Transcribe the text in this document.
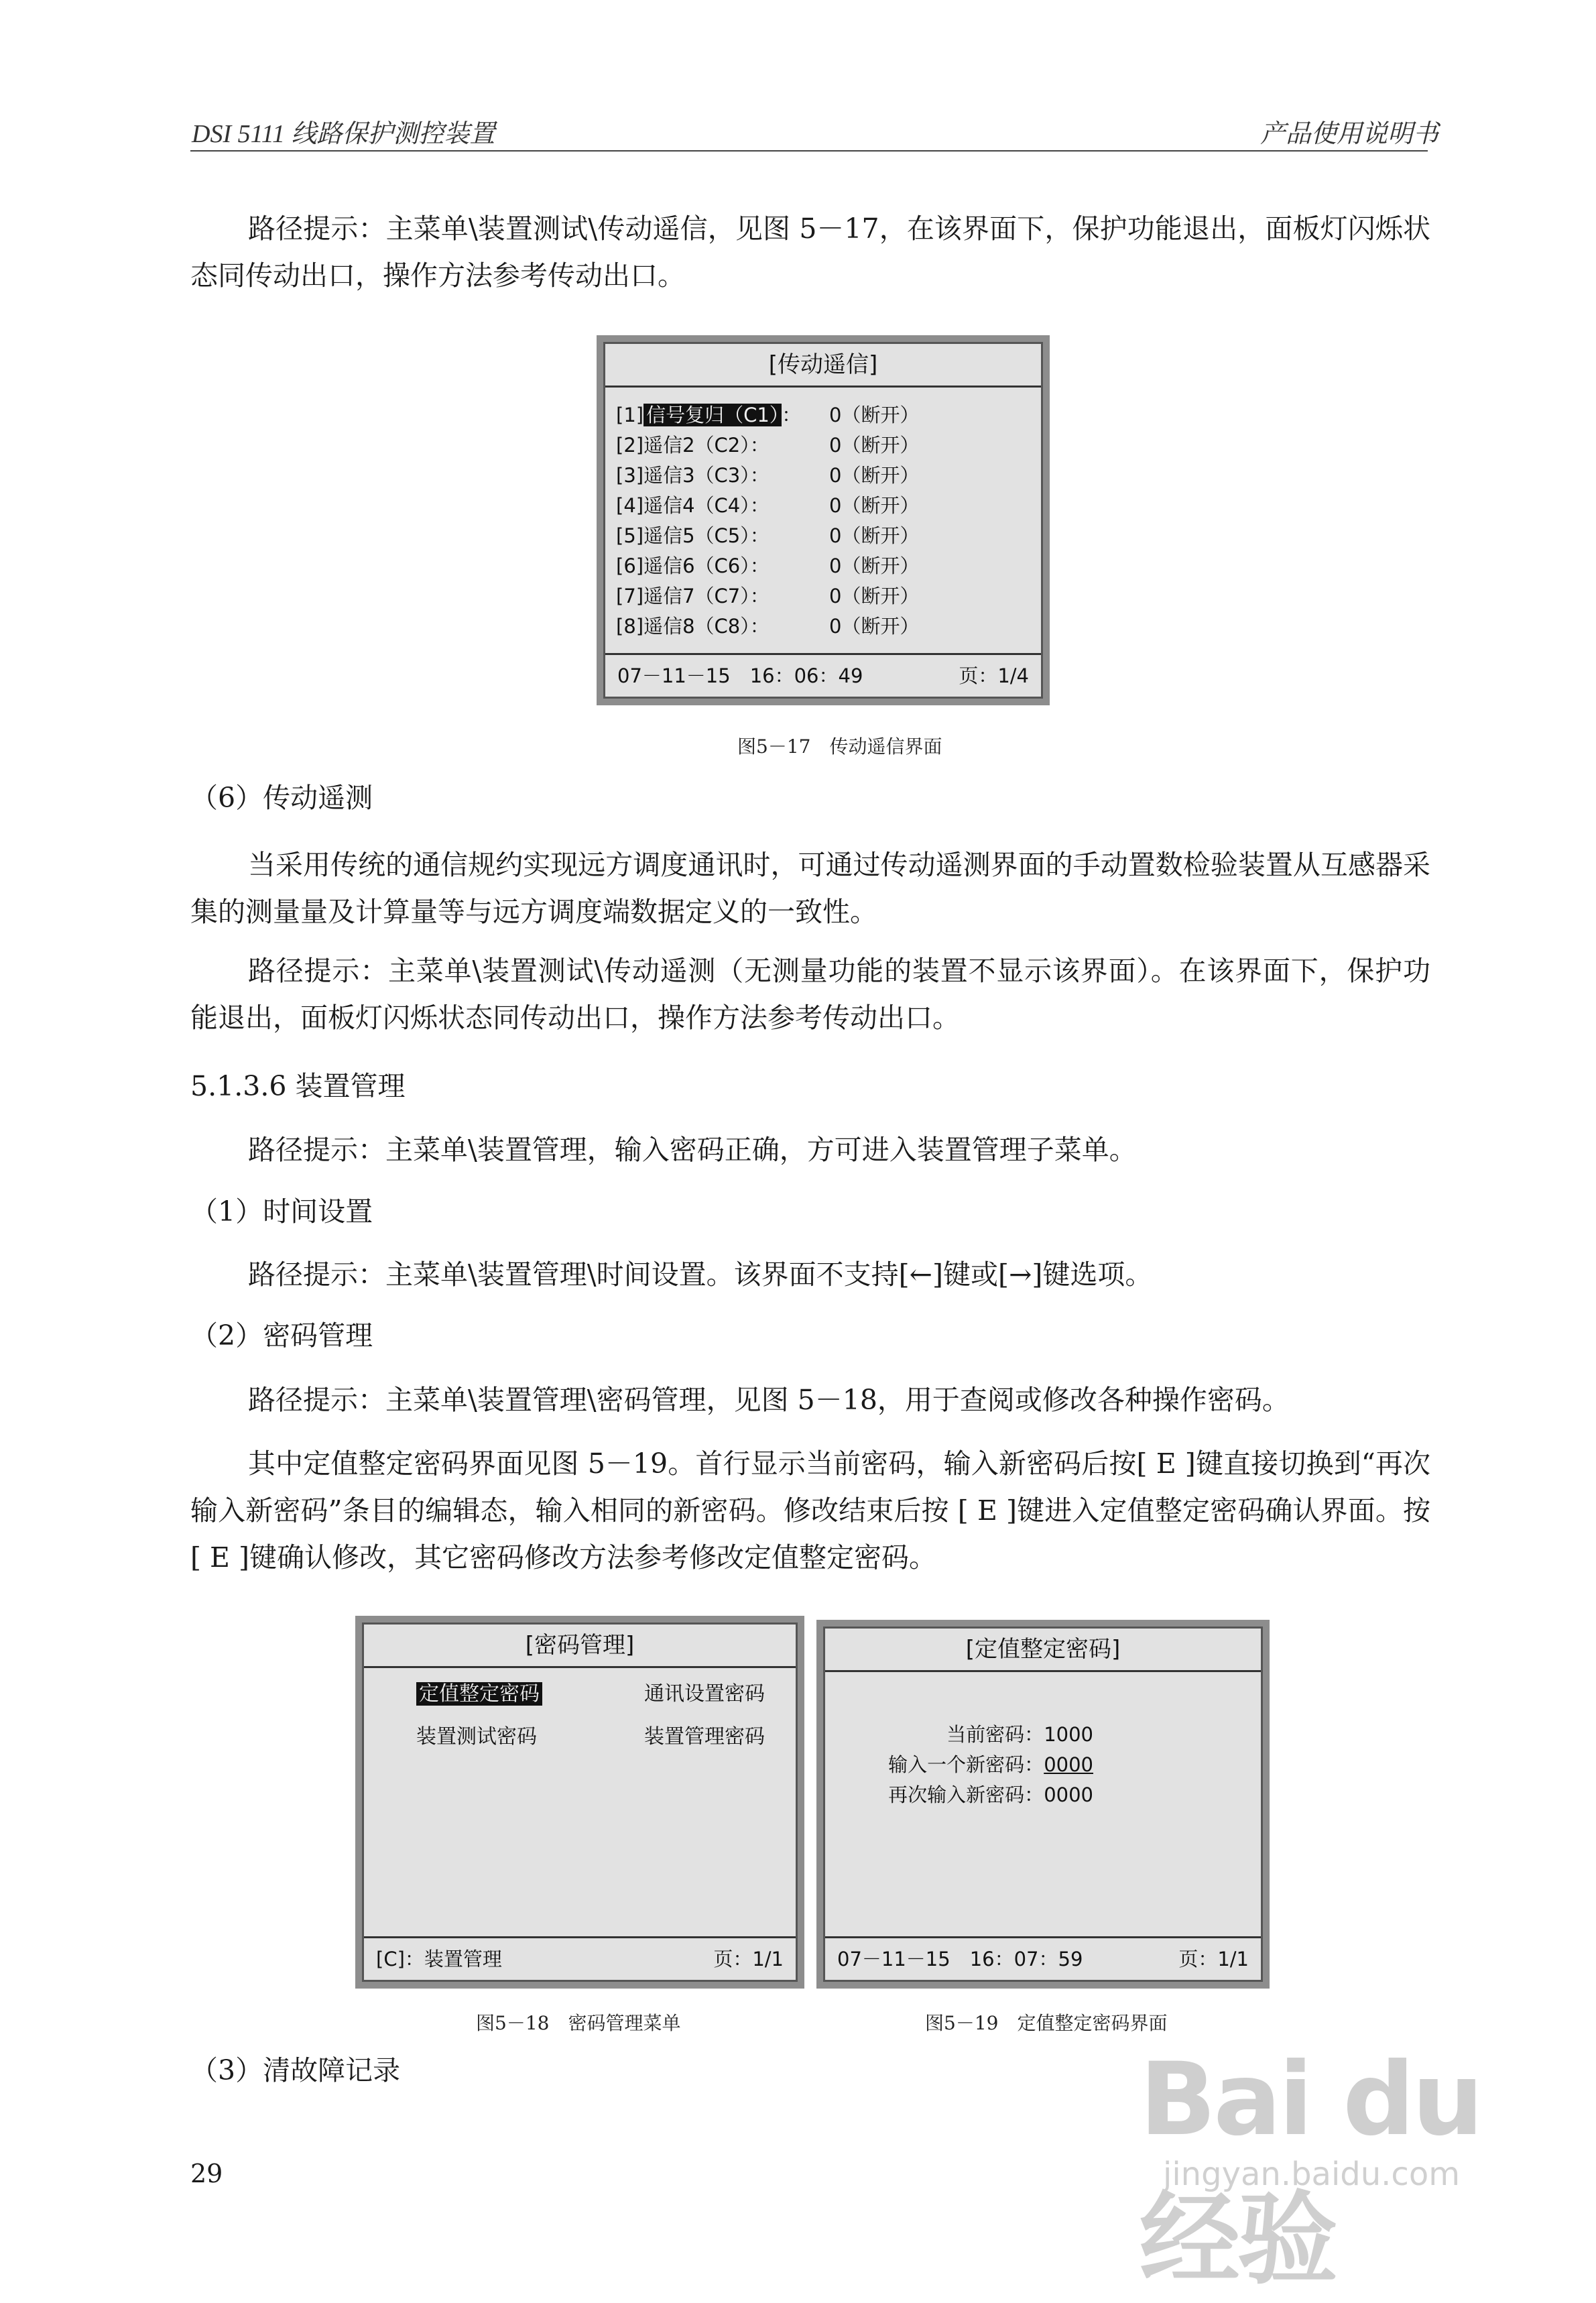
DSI 5111 线路保护测控装置	产品使用说明书
路径提示：主菜单\装置测试\传动遥信，见图 5－17，在该界面下，保护功能退出，面板灯闪烁状态同传动出口，操作方法参考传动出口。
[传动遥信]
[1] 信号复归（C1） ： 0（断开）
[2]遥信2（C2）：	0（断开）
[3]遥信3（C3）：	0（断开）
[4]遥信4（C4）：	0（断开）
[5]遥信5（C5）：	0（断开）
[6]遥信6（C6）：	0（断开）
[7]遥信7（C7）：	0（断开）
[8]遥信8（C8）：	0（断开）
07－11－15　16：06：49	页：1/4
图5－17　传动遥信界面
（6）传动遥测
当采用传统的通信规约实现远方调度通讯时，可通过传动遥测界面的手动置数检验装置从互感器采集的测量量及计算量等与远方调度端数据定义的一致性。
路径提示：主菜单\装置测试\传动遥测（无测量功能的装置不显示该界面）。在该界面下，保护功能退出，面板灯闪烁状态同传动出口，操作方法参考传动出口。
5.1.3.6 装置管理
路径提示：主菜单\装置管理，输入密码正确，方可进入装置管理子菜单。
（1）时间设置
路径提示：主菜单\装置管理\时间设置。该界面不支持[←]键或[→]键选项。
（2）密码管理
路径提示：主菜单\装置管理\密码管理，见图 5－18，用于查阅或修改各种操作密码。
其中定值整定密码界面见图 5－19。首行显示当前密码，输入新密码后按[ E ]键直接切换到“再次输入新密码”条目的编辑态，输入相同的新密码。修改结束后按 [ E ]键进入定值整定密码确认界面。按[ E ]键确认修改，其它密码修改方法参考修改定值整定密码。
[密码管理]
定值整定密码	通讯设置密码
装置测试密码	装置管理密码
[C]：装置管理	页：1/1
图5－18　密码管理菜单
[定值整定密码]
当前密码：1000
输入一个新密码：0000
再次输入新密码：0000
07－11－15　16：07：59	页：1/1
图5－19　定值整定密码界面
（3）清故障记录
29
Bai du 经验
jingyan.baidu.com
